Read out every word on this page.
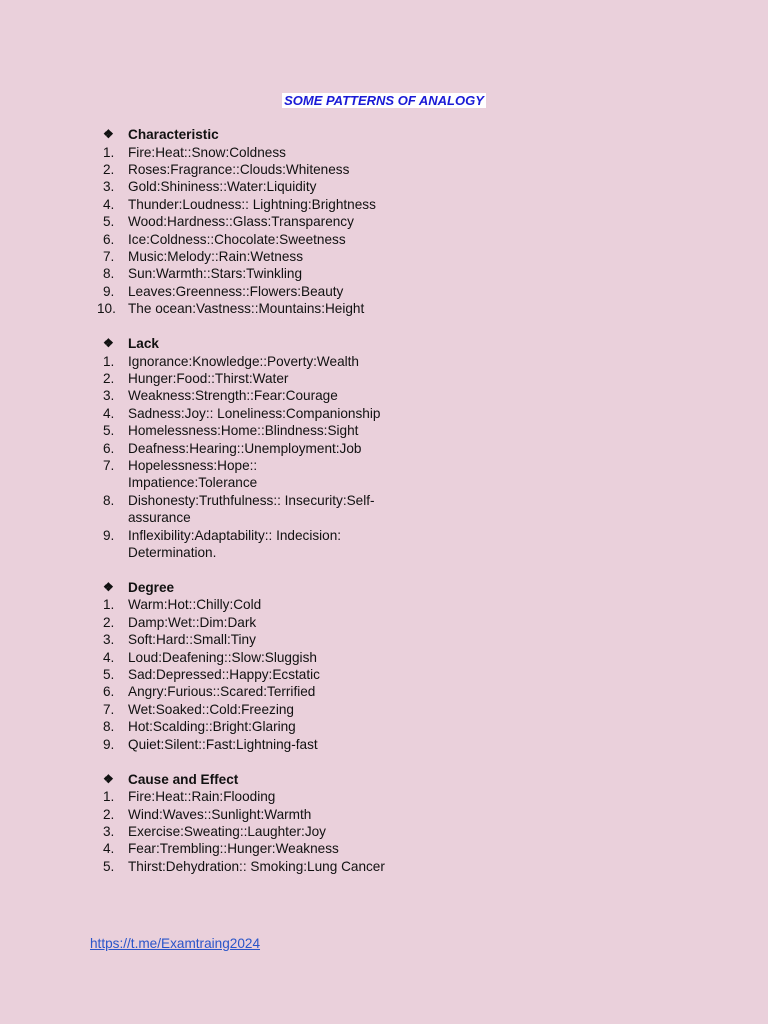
SOME PATTERNS OF ANALOGY
❖	Characteristic
1.	Fire:Heat::Snow:Coldness
2.	Roses:Fragrance::Clouds:Whiteness
3.	Gold:Shininess::Water:Liquidity
4.	Thunder:Loudness:: Lightning:Brightness
5.	Wood:Hardness::Glass:Transparency
6.	Ice:Coldness::Chocolate:Sweetness
7.	Music:Melody::Rain:Wetness
8.	Sun:Warmth::Stars:Twinkling
9.	Leaves:Greenness::Flowers:Beauty
10. The ocean:Vastness::Mountains:Height
❖	Lack
1.	Ignorance:Knowledge::Poverty:Wealth
2.	Hunger:Food::Thirst:Water
3.	Weakness:Strength::Fear:Courage
4.	Sadness:Joy:: Loneliness:Companionship
5.	Homelessness:Home::Blindness:Sight
6.	Deafness:Hearing::Unemployment:Job
7.	Hopelessness:Hope:: Impatience:Tolerance
8.	Dishonesty:Truthfulness:: Insecurity:Self-assurance
9.	Inflexibility:Adaptability:: Indecision: Determination.
❖	Degree
1.	Warm:Hot::Chilly:Cold
2.	Damp:Wet::Dim:Dark
3.	Soft:Hard::Small:Tiny
4.	Loud:Deafening::Slow:Sluggish
5.	Sad:Depressed::Happy:Ecstatic
6.	Angry:Furious::Scared:Terrified
7.	Wet:Soaked::Cold:Freezing
8.	Hot:Scalding::Bright:Glaring
9.	Quiet:Silent::Fast:Lightning-fast
❖	Cause and Effect
1.	Fire:Heat::Rain:Flooding
2.	Wind:Waves::Sunlight:Warmth
3.	Exercise:Sweating::Laughter:Joy
4.	Fear:Trembling::Hunger:Weakness
5.	Thirst:Dehydration:: Smoking:Lung Cancer
https://t.me/Examtraing2024
